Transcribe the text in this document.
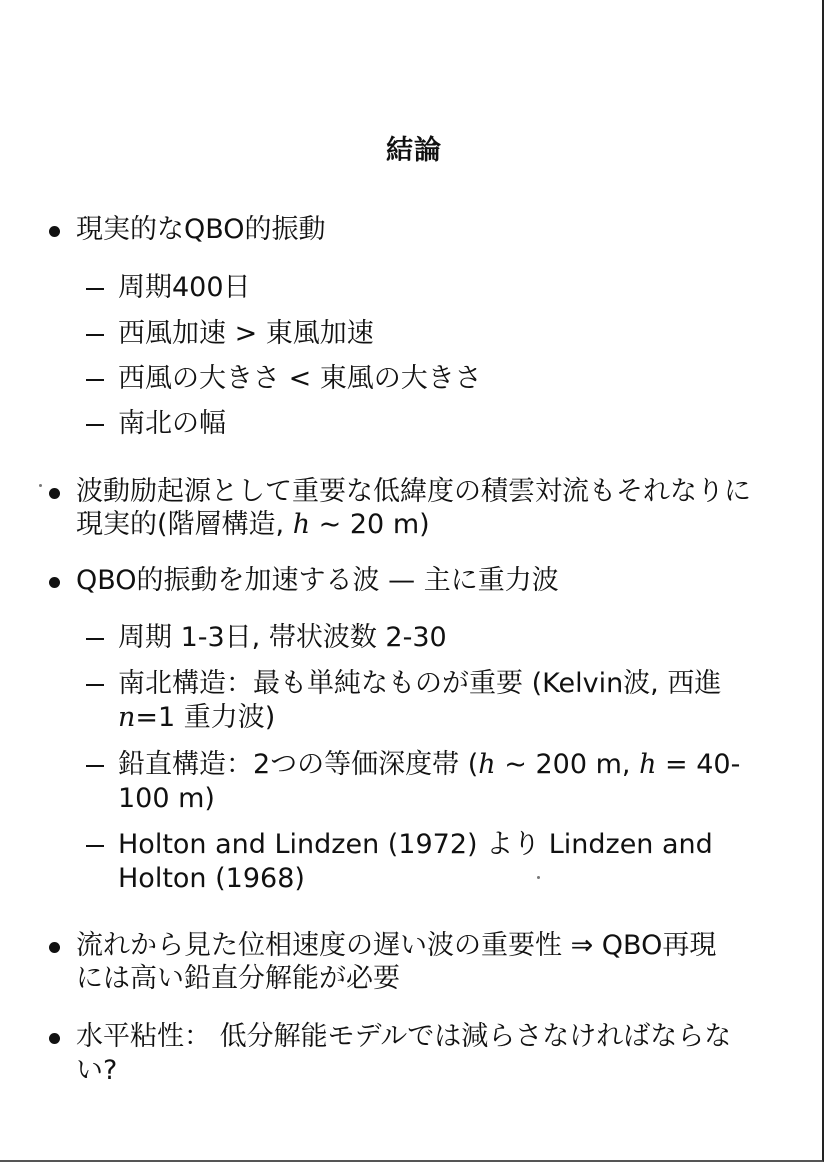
結論
現実的なQBO的振動
周期400日
西風加速 > 東風加速
西風の大きさ < 東風の大きさ
南北の幅
波動励起源として重要な低緯度の積雲対流もそれなりに
現実的(階層構造, h ∼ 20 m)
QBO的振動を加速する波 — 主に重力波
周期 1-3日, 帯状波数 2-30
南北構造：最も単純なものが重要 (Kelvin波, 西進
n=1 重力波)
鉛直構造：2つの等価深度帯 (h ∼ 200 m, h = 40-
100 m)
Holton and Lindzen (1972) より Lindzen and
Holton (1968)
流れから見た位相速度の遅い波の重要性 ⇒ QBO再現
には高い鉛直分解能が必要
水平粘性： 低分解能モデルでは減らさなければならな
い?
